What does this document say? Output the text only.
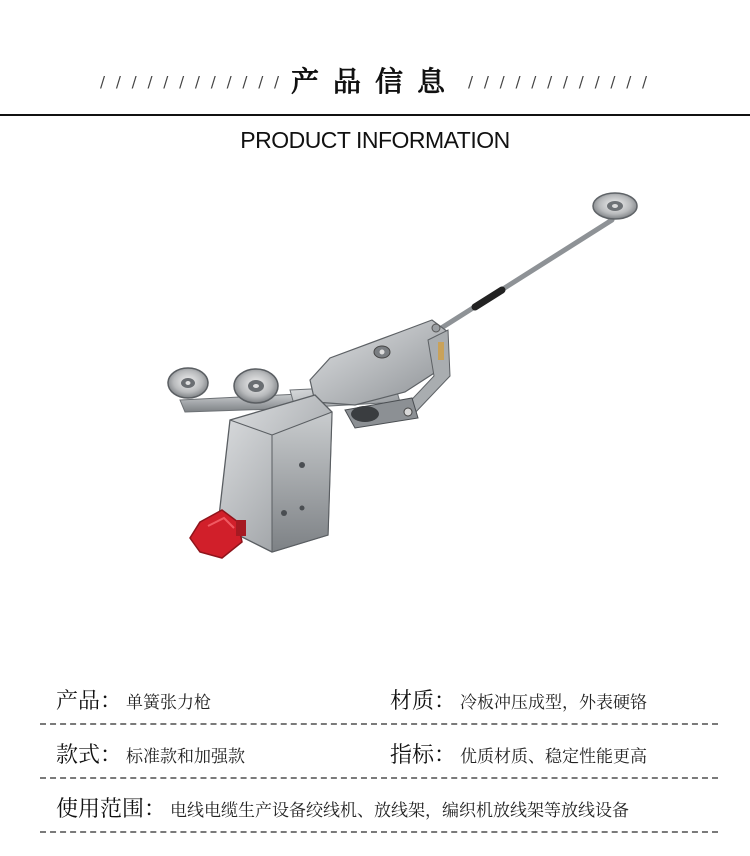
/ / / / / / / / / / / / 产品信息 / / / / / / / / / / / /
PRODUCT INFORMATION
产品： 单簧张力枪	材质： 冷板冲压成型，外表硬铬
款式： 标准款和加强款	指标： 优质材质、稳定性能更高
使用范围： 电线电缆生产设备绞线机、放线架，编织机放线架等放线设备
